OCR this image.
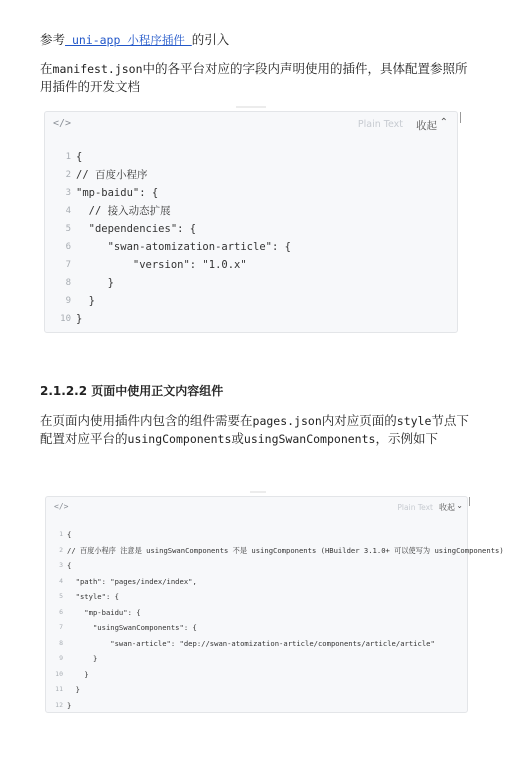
参考 uni-app 小程序插件 的引入
在manifest.json中的各平台对应的字段内声明使用的插件，具体配置参照所用插件的开发文档
</>	Plain Text 收起 ⌃
1 {
2 // 百度小程序
3 "mp-baidu": {
4 // 接入动态扩展
5 "dependencies": {
6 "swan-atomization-article": {
7 "version": "1.0.x"
8 }
9 }
10 }
2.1.2.2 页面中使用正文内容组件
在页面内使用插件内包含的组件需要在pages.json内对应页面的style节点下配置对应平台的usingComponents或usingSwanComponents，示例如下
</>	Plain Text 收起 ⌄
1 {
2 // 百度小程序 注意是 usingSwanComponents 不是 usingComponents (HBuilder 3.1.0+ 可以使写为 usingComponents)
3 {
4 "path": "pages/index/index",
5 "style": {
6 "mp-baidu": {
7 "usingSwanComponents": {
8 "swan-article": "dep://swan-atomization-article/components/article/article"
9 }
10 }
11 }
12 }
